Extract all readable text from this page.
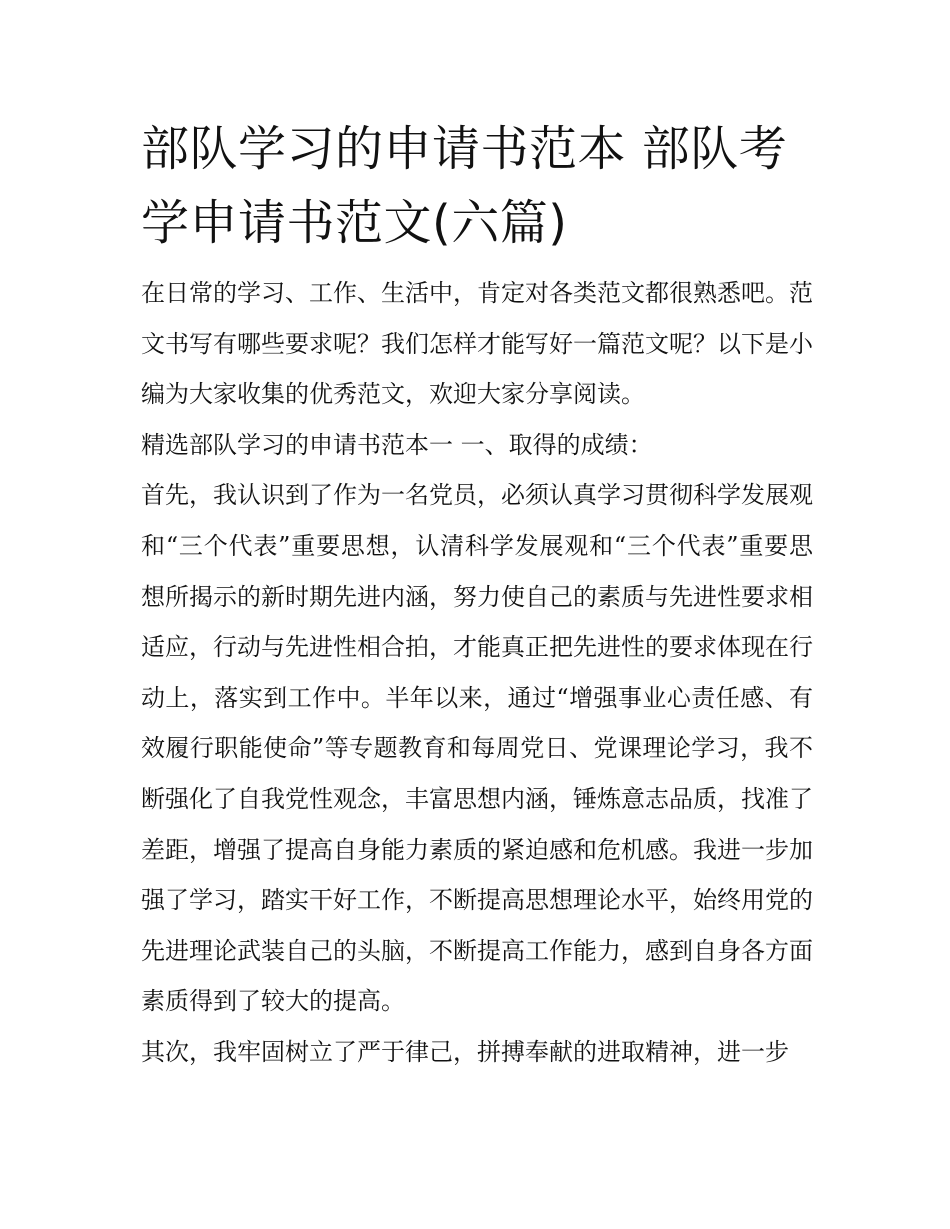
部队学习的申请书范本 部队考学申请书范文(六篇)

在日常的学习、工作、生活中，肯定对各类范文都很熟悉吧。范文书写有哪些要求呢？我们怎样才能写好一篇范文呢？以下是小编为大家收集的优秀范文，欢迎大家分享阅读。

精选部队学习的申请书范本一 一、取得的成绩：

首先，我认识到了作为一名党员，必须认真学习贯彻科学发展观和“三个代表”重要思想，认清科学发展观和“三个代表”重要思想所揭示的新时期先进内涵，努力使自己的素质与先进性要求相适应，行动与先进性相合拍，才能真正把先进性的要求体现在行动上，落实到工作中。半年以来，通过“增强事业心责任感、有效履行职能使命”等专题教育和每周党日、党课理论学习，我不断强化了自我党性观念，丰富思想内涵，锤炼意志品质，找准了差距，增强了提高自身能力素质的紧迫感和危机感。我进一步加强了学习，踏实干好工作，不断提高思想理论水平，始终用党的先进理论武装自己的头脑，不断提高工作能力，感到自身各方面素质得到了较大的提高。

其次，我牢固树立了严于律己，拼搏奉献的进取精神，进一步
